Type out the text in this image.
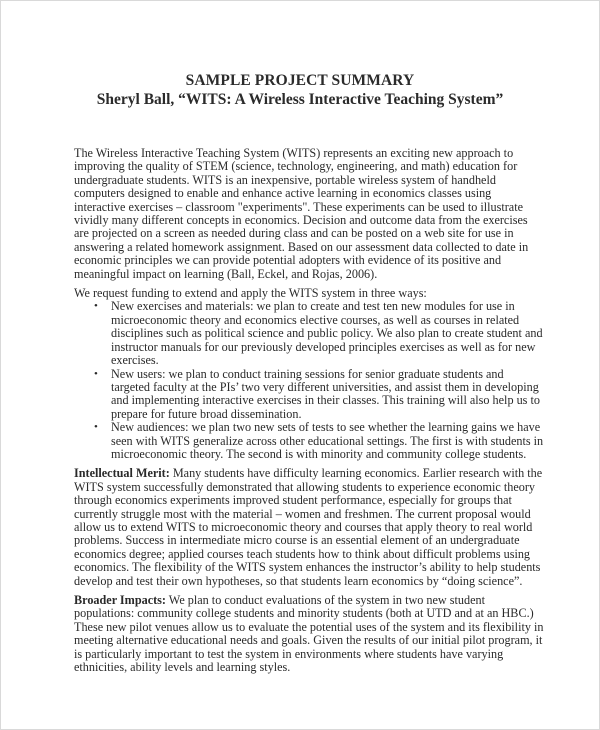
SAMPLE PROJECT SUMMARY
Sheryl Ball, “WITS: A Wireless Interactive Teaching System”

The Wireless Interactive Teaching System (WITS) represents an exciting new approach to improving the quality of STEM (science, technology, engineering, and math) education for undergraduate students. WITS is an inexpensive, portable wireless system of handheld computers designed to enable and enhance active learning in economics classes using interactive exercises – classroom "experiments". These experiments can be used to illustrate vividly many different concepts in economics. Decision and outcome data from the exercises are projected on a screen as needed during class and can be posted on a web site for use in answering a related homework assignment. Based on our assessment data collected to date in economic principles we can provide potential adopters with evidence of its positive and meaningful impact on learning (Ball, Eckel, and Rojas, 2006).

We request funding to extend and apply the WITS system in three ways:

• New exercises and materials: we plan to create and test ten new modules for use in microeconomic theory and economics elective courses, as well as courses in related disciplines such as political science and public policy. We also plan to create student and instructor manuals for our previously developed principles exercises as well as for new exercises.
• New users: we plan to conduct training sessions for senior graduate students and targeted faculty at the PIs’ two very different universities, and assist them in developing and implementing interactive exercises in their classes. This training will also help us to prepare for future broad dissemination.
• New audiences: we plan two new sets of tests to see whether the learning gains we have seen with WITS generalize across other educational settings. The first is with students in microeconomic theory. The second is with minority and community college students.

Intellectual Merit: Many students have difficulty learning economics. Earlier research with the WITS system successfully demonstrated that allowing students to experience economic theory through economics experiments improved student performance, especially for groups that currently struggle most with the material – women and freshmen. The current proposal would allow us to extend WITS to microeconomic theory and courses that apply theory to real world problems. Success in intermediate micro course is an essential element of an undergraduate economics degree; applied courses teach students how to think about difficult problems using economics. The flexibility of the WITS system enhances the instructor’s ability to help students develop and test their own hypotheses, so that students learn economics by “doing science”.

Broader Impacts: We plan to conduct evaluations of the system in two new student populations: community college students and minority students (both at UTD and at an HBC.) These new pilot venues allow us to evaluate the potential uses of the system and its flexibility in meeting alternative educational needs and goals. Given the results of our initial pilot program, it is particularly important to test the system in environments where students have varying ethnicities, ability levels and learning styles.
